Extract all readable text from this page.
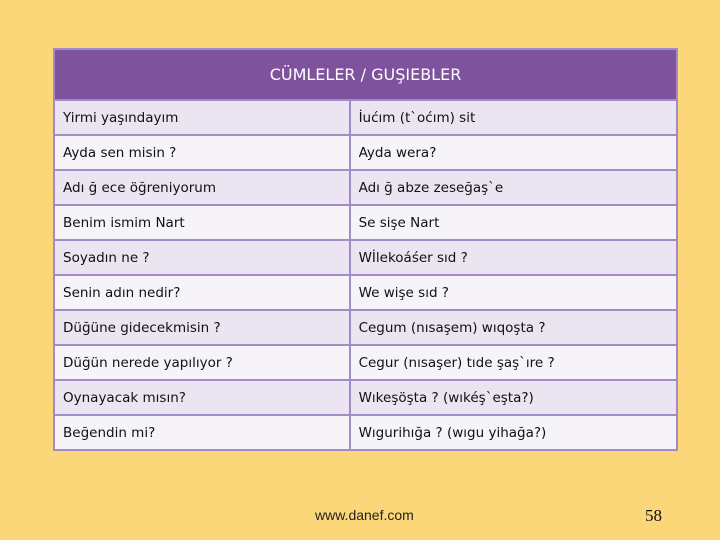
CÜMLELER / GUŞIEBLER	
Yirmi yaşındayım	İućım (t`oćım) sit
Ayda sen misin ?	Ayda wera?
Adı ğ ece öğreniyorum	Adı ğ abze zeseğaş`e
Benim ismim Nart	Se sişe Nart
Soyadın ne ?	Wİlekoáśer sıd ?
Senin adın nedir?	We wişe sıd ?
Düğüne gidecekmisin ?	Cegum (nısaşem) wıqoşta ?
Düğün nerede yapılıyor ?	Cegur (nısaşer) tıde şaş`ıre ?
Oynayacak mısın?	Wıkeşöşta ? (wıkéş`eşta?)
Beğendin mi?	Wıgurihığa ? (wıgu yihağa?)
www.danef.com	58
